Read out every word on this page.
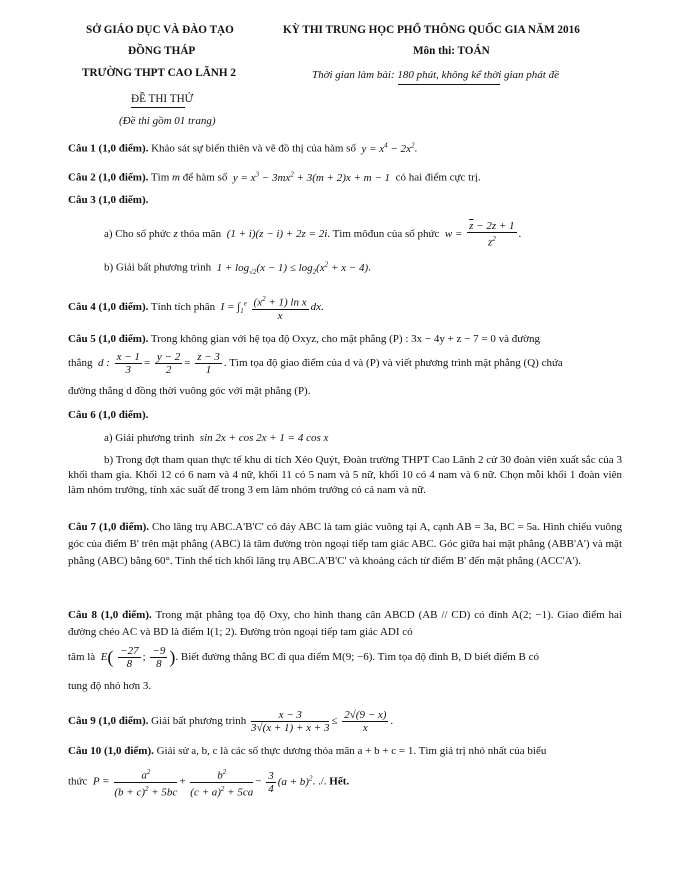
SỞ GIÁO DỤC VÀ ĐÀO TẠO
ĐỒNG THÁP
TRƯỜNG THPT CAO LÃNH 2
ĐỀ THI THỬ
(Đề thi gồm 01 trang)
KỲ THI TRUNG HỌC PHỔ THÔNG QUỐC GIA NĂM 2016
Môn thi: TOÁN
Thời gian làm bài: 180 phút, không kể thời gian phát đề
Câu 1 (1,0 điểm). Khảo sát sự biến thiên và vẽ đồ thị của hàm số  $y = x^4 - 2x^2$.
Câu 2 (1,0 điểm). Tìm m để hàm số  $y = x^3 - 3mx^2 + 3(m + 2)x + m - 1$ có hai điểm cực trị.
Câu 3 (1,0 điểm).
a) Cho số phức z thỏa mãn  (1 + i)(z − i) + 2z = 2i. Tìm môđun của số phức  $w = \frac{\overline{z} - 2z + 1}{z^2}$ .
b) Giải bất phương trình  $1 + \log_{√2}(x - 1) \le \log_2(x^2 + x - 4)$.
Câu 4 (1,0 điểm). Tính tích phân  $I = \int_1^e \frac{(x^2 + 1) \ln x}{x}$ dx.
Câu 5 (1,0 điểm). Trong không gian với hệ tọa độ Oxyz, cho mặt phẳng (P) : 3x − 4y + z − 7 = 0 và đường
thẳng  d : $\frac{x - 1}{3} = \frac{y - 2}{2} = \frac{z - 3}{1}$ . Tìm tọa độ giao điểm của d và (P) và viết phương trình mặt phẳng (Q) chứa
đường thẳng d đồng thời vuông góc với mặt phẳng (P).
Câu 6 (1,0 điểm).
a) Giải phương trình  sin 2x + cos 2x + 1 = 4 cos x
b) Trong đợt tham quan thực tế khu di tích Xẻo Quýt, Đoàn trường THPT Cao Lãnh 2 cử 30 đoàn viên xuất sắc của 3 khối tham gia. Khối 12 có 6 nam và 4 nữ, khối 11 có 5 nam và 5 nữ, khối 10 có 4 nam và 6 nữ. Chọn mỗi khối 1 đoàn viên làm nhóm trưởng, tính xác suất để trong 3 em làm nhóm trưởng có cả nam và nữ.
Câu 7 (1,0 điểm). Cho lăng trụ ABC.A'B'C' có đáy ABC là tam giác vuông tại A, cạnh AB = 3a, BC = 5a. Hình chiếu vuông góc của điểm B' trên mặt phẳng (ABC) là tâm đường tròn ngoại tiếp tam giác ABC. Góc giữa hai mặt phẳng (ABB'A') và mặt phẳng (ABC) bằng 60°. Tính thể tích khối lăng trụ ABC.A'B'C' và khoảng cách từ điểm B' đến mặt phẳng (ACC'A').
Câu 8 (1,0 điểm). Trong mặt phẳng tọa độ Oxy, cho hình thang cân ABCD (AB // CD) có đỉnh A(2; −1). Giao điểm hai đường chéo AC và BD là điểm I(1; 2). Đường tròn ngoại tiếp tam giác ADI có
tâm là  $E( \frac{-27}{8}$ ; $\frac{-9}{8}$ ). Biết đường thẳng BC đi qua điểm M(9; −6). Tìm tọa độ đỉnh B, D biết điểm B có
tung độ nhỏ hơn 3.
Câu 9 (1,0 điểm). Giải bất phương trình $\frac{x - 3}{3√(x + 1) + x + 3} \le \frac{2√(9 - x)}{x}$ .
Câu 10 (1,0 điểm). Giải sử a, b, c là các số thực dương thỏa mãn a + b + c = 1. Tìm giá trị nhỏ nhất của biểu
thức  $P = \frac{a^2}{(b + c)^2 + 5bc} + \frac{b^2}{(c + a)^2 + 5ca} - \frac{3}{4} (a + b)^2$. ./. Hết.
